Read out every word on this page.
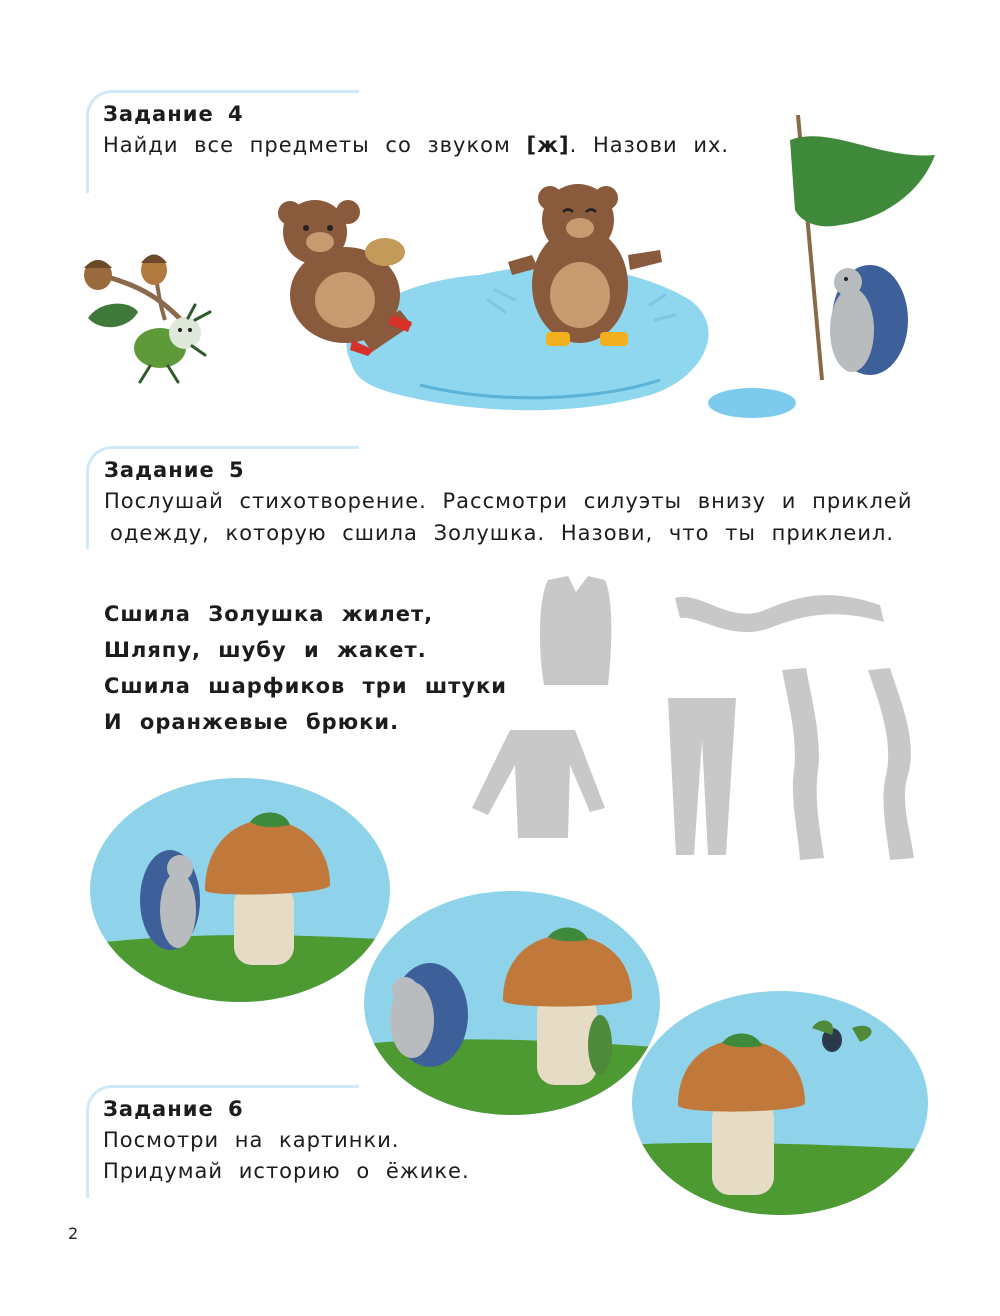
Задание 4
Найди все предметы со звуком [ж]. Назови их.
Задание 5
Послушай стихотворение. Рассмотри силуэты внизу и приклей
одежду, которую сшила Золушка. Назови, что ты приклеил.
Сшила Золушка жилет,
Шляпу, шубу и жакет.
Сшила шарфиков три штуки
И оранжевые брюки.
Задание 6
Посмотри на картинки.
Придумай историю о ёжике.
2
